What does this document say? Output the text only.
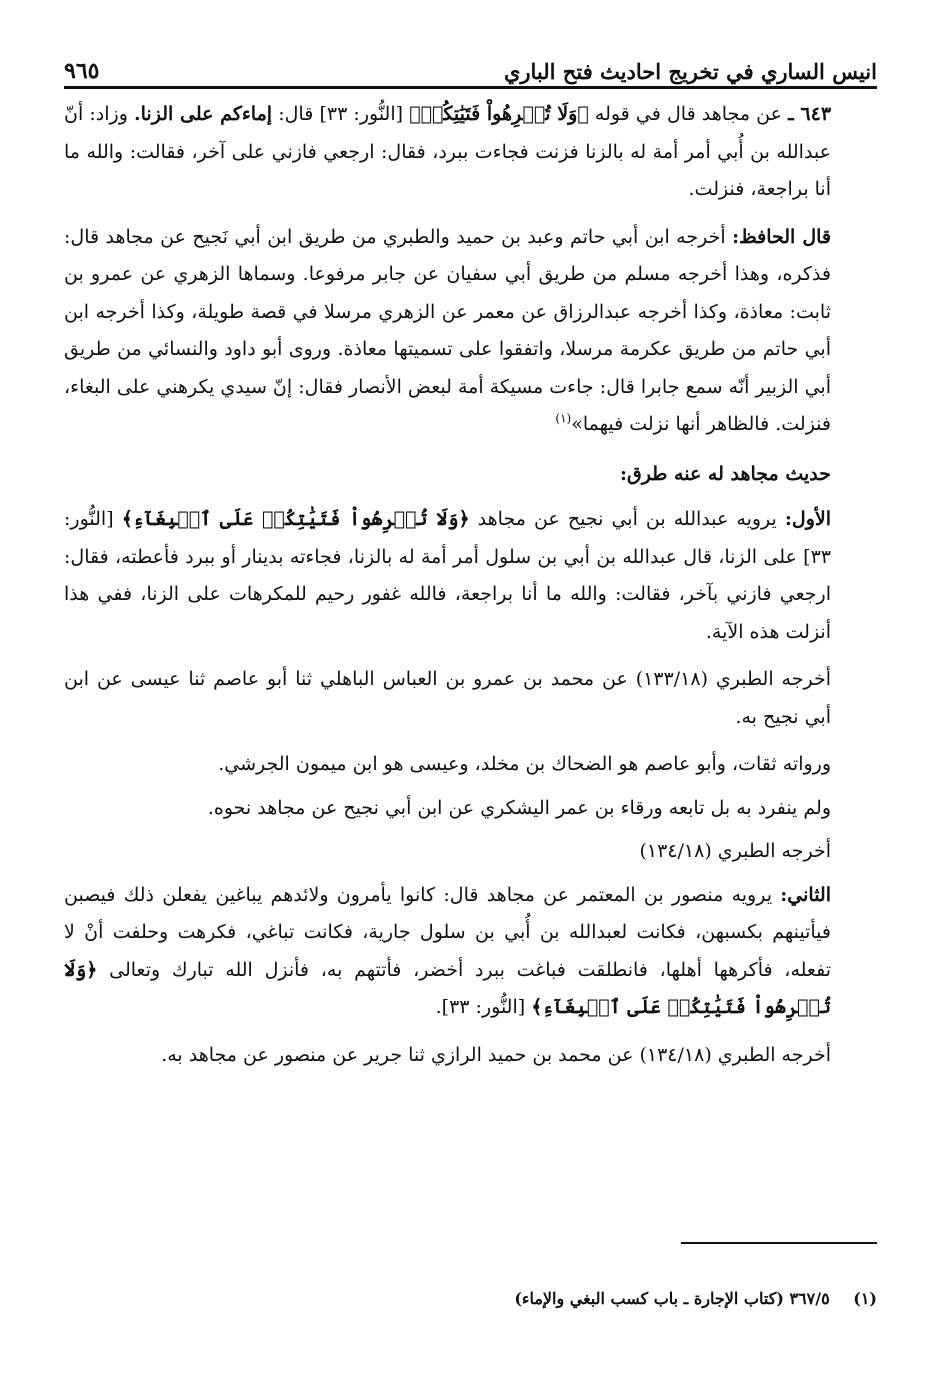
انيس الساري في تخريج احاديث فتح الباري
٩٦٥

٦٤٣ ـ عن مجاهد قال في قوله ﴿وَلَا تُكۡرِهُواْ فَتَيَٰتِكُمۡ﴾ [النُّور: ٣٣] قال: إماءكم على الزنا. وزاد: أنّ عبدالله بن أُبي أمر أمة له بالزنا فزنت فجاءت ببرد، فقال: ارجعي فازني على آخر، فقالت: والله ما أنا براجعة، فنزلت.

قال الحافظ: أخرجه ابن أبي حاتم وعبد بن حميد والطبري من طريق ابن أبي نَجيح عن مجاهد قال: فذكره، وهذا أخرجه مسلم من طريق أبي سفيان عن جابر مرفوعا. وسماها الزهري عن عمرو بن ثابت: معاذة، وكذا أخرجه عبدالرزاق عن معمر عن الزهري مرسلا في قصة طويلة، وكذا أخرجه ابن أبي حاتم من طريق عكرمة مرسلا، واتفقوا على تسميتها معاذة. وروى أبو داود والنسائي من طريق أبي الزبير أنّه سمع جابرا قال: جاءت مسيكة أمة لبعض الأنصار فقال: إنّ سيدي يكرهني على البغاء، فنزلت. فالظاهر أنها نزلت فيهما»$^{(١)}$

حديث مجاهد له عنه طرق:

الأول: يرويه عبدالله بن أبي نجيح عن مجاهد ﴿وَلَا تُكۡرِهُواْ فَتَيَٰتِكُمۡ عَلَى ٱلۡبِغَآءِ﴾ [النُّور: ٣٣] على الزنا، قال عبدالله بن أبي بن سلول أمر أمة له بالزنا، فجاءته بدينار أو ببرد فأعطته، فقال: ارجعي فازني بآخر، فقالت: والله ما أنا براجعة، فالله غفور رحيم للمكرهات على الزنا، ففي هذا أنزلت هذه الآية.

أخرجه الطبري (١٣٣/١٨) عن محمد بن عمرو بن العباس الباهلي ثنا أبو عاصم ثنا عيسى عن ابن أبي نجيح به.

ورواته ثقات، وأبو عاصم هو الضحاك بن مخلد، وعيسى هو ابن ميمون الجرشي.

ولم ينفرد به بل تابعه ورقاء بن عمر اليشكري عن ابن أبي نجيح عن مجاهد نحوه.

أخرجه الطبري (١٣٤/١٨)

الثاني: يرويه منصور بن المعتمر عن مجاهد قال: كانوا يأمرون ولائدهم يباغين يفعلن ذلك فيصبن فيأتينهم بكسبهن، فكانت لعبدالله بن أُبي بن سلول جارية، فكانت تباغي، فكرهت وحلفت أنْ لا تفعله، فأكرهها أهلها، فانطلقت فباغت ببرد أخضر، فأتتهم به، فأنزل الله تبارك وتعالى ﴿وَلَا تُكۡرِهُواْ فَتَيَٰتِكُمۡ عَلَى ٱلۡبِغَآءِ﴾ [النُّور: ٣٣].

أخرجه الطبري (١٣٤/١٨) عن محمد بن حميد الرازي ثنا جرير عن منصور عن مجاهد به.

(١) ٣٦٧/٥ (كتاب الإجارة ـ باب كسب البغي والإماء)
